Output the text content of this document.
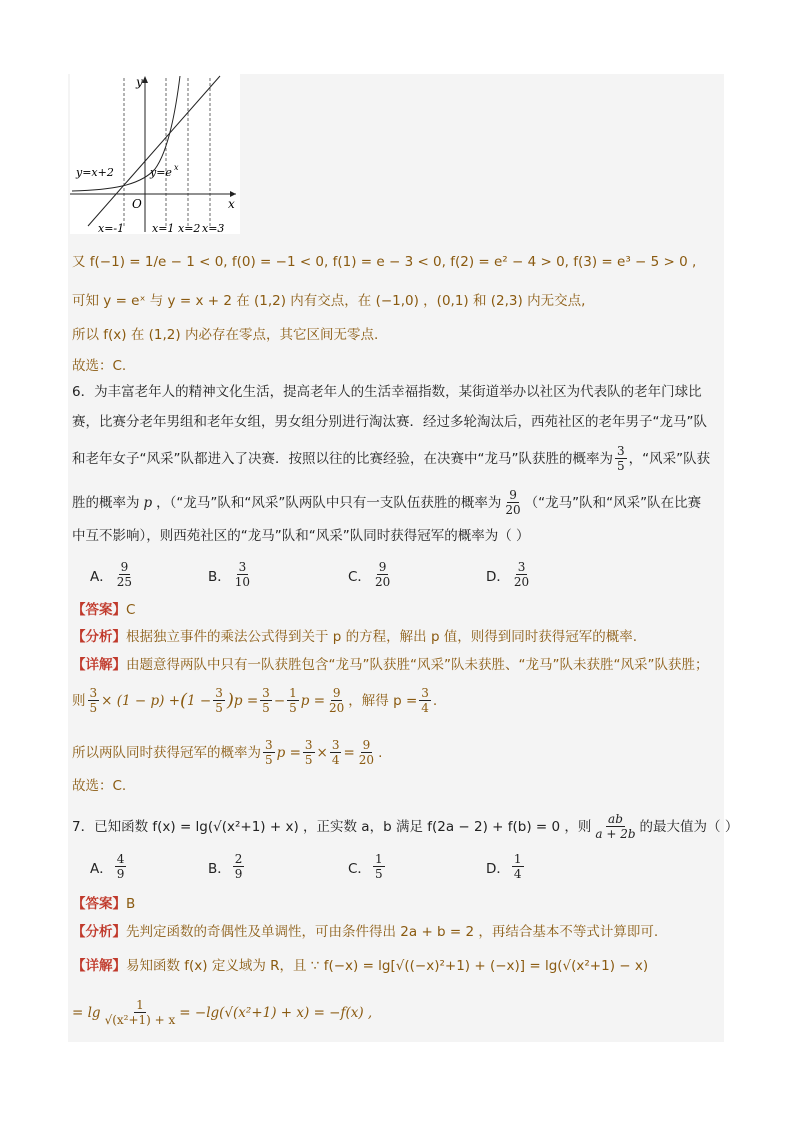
y
x
O
y=x+2	y=e x
x=-1	x=1 x=2 x=3
又 f(−1) = 1/e − 1 < 0, f(0) = −1 < 0, f(1) = e − 3 < 0, f(2) = e² − 4 > 0, f(3) = e³ − 5 > 0 ,
可知 y = eˣ 与 y = x + 2 在 (1,2) 内有交点，在 (−1,0) ，(0,1) 和 (2,3) 内无交点,
所以 f(x) 在 (1,2) 内必存在零点，其它区间无零点.
故选：C.
6．为丰富老年人的精神文化生活，提高老年人的生活幸福指数，某街道举办以社区为代表队的老年门球比
赛，比赛分老年男组和老年女组，男女组分别进行淘汰赛．经过多轮淘汰后，西苑社区的老年男子“龙马”队
和老年女子“风采”队都进入了决赛．按照以往的比赛经验，在决赛中“龙马”队获胜的概率为 $\frac{3}{5}$ ，“风采”队获
胜的概率为 p ，（“龙马”队和“风采”队两队中只有一支队伍获胜的概率为 $\frac{9}{20}$ （“龙马”队和“风采”队在比赛
中互不影响），则西苑社区的“龙马”队和“风采”队同时获得冠军的概率为（ ）
A． $\frac{9}{25}$	B． $\frac{3}{10}$	C． $\frac{9}{20}$	D． $\frac{3}{20}$
【答案】C
【分析】根据独立事件的乘法公式得到关于 p 的方程，解出 p 值，则得到同时获得冠军的概率.
【详解】由题意得两队中只有一队获胜包含“龙马”队获胜“风采”队未获胜、“龙马”队未获胜“风采”队获胜；
则 $\frac{3}{5} \times (1 - p)$ + ( $1 - \frac{3}{5}$ ) $p = \frac{3}{5} - \frac{1}{5}$ $p = \frac{9}{20}$ ，解得 $p = \frac{3}{4}$ .
所以两队同时获得冠军的概率为 $\frac{3}{5}$ $p = \frac{3}{5} \times \frac{3}{4} = \frac{9}{20}$ .
故选：C.
7．已知函数 f(x) = lg(√(x²+1) + x) ，正实数 a，b 满足 f(2a − 2) + f(b) = 0 ，则 $\frac{ab}{a + 2b}$ 的最大值为（ ）
A． $\frac{4}{9}$	B． $\frac{2}{9}$	C． $\frac{1}{5}$	D． $\frac{1}{4}$
【答案】B
【分析】先判定函数的奇偶性及单调性，可由条件得出 2a + b = 2 ，再结合基本不等式计算即可.
【详解】易知函数 f(x) 定义域为 R，且 ∵ f(−x) = lg[√((−x)²+1) + (−x)] = lg(√(x²+1) − x)
= $\lg \frac{1}{\text{√(x²+1) + x}} = -\lg(√(x^2+1) + x) = -f(x)$ ,
